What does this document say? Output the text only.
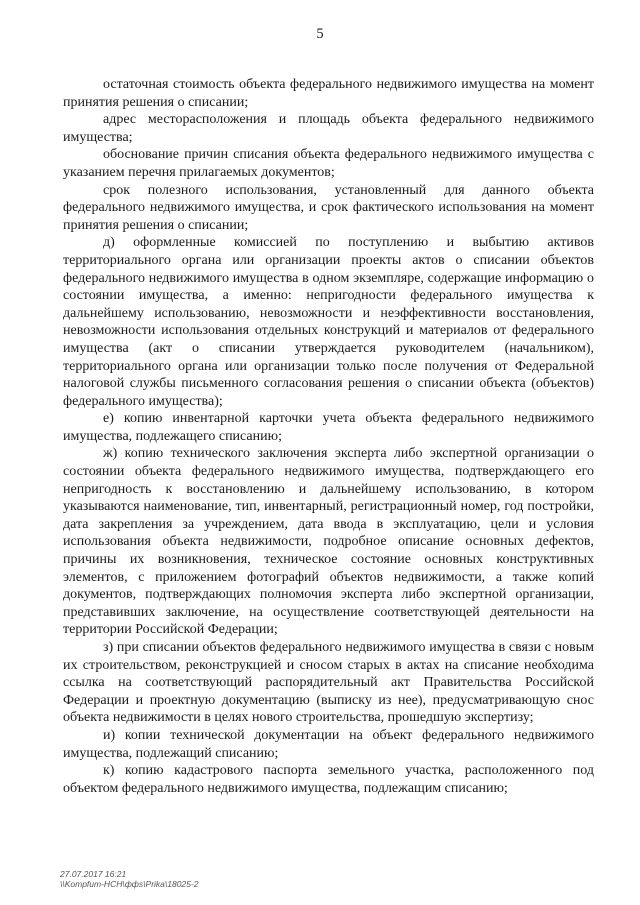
5

остаточная стоимость объекта федерального недвижимого имущества на момент принятия решения о списании;

адрес месторасположения и площадь объекта федерального недвижимого имущества;

обоснование причин списания объекта федерального недвижимого имущества с указанием перечня прилагаемых документов;

срок полезного использования, установленный для данного объекта федерального недвижимого имущества, и срок фактического использования на момент принятия решения о списании;

д) оформленные комиссией по поступлению и выбытию активов территориального органа или организации проекты актов о списании объектов федерального недвижимого имущества в одном экземпляре, содержащие информацию о состоянии имущества, а именно: непригодности федерального имущества к дальнейшему использованию, невозможности и неэффективности восстановления, невозможности использования отдельных конструкций и материалов от федерального имущества (акт о списании утверждается руководителем (начальником), территориального органа или организации только после получения от Федеральной налоговой службы письменного согласования решения о списании объекта (объектов) федерального имущества);

е) копию инвентарной карточки учета объекта федерального недвижимого имущества, подлежащего списанию;

ж) копию технического заключения эксперта либо экспертной организации о состоянии объекта федерального недвижимого имущества, подтверждающего его непригодность к восстановлению и дальнейшему использованию, в котором указываются наименование, тип, инвентарный, регистрационный номер, год постройки, дата закрепления за учреждением, дата ввода в эксплуатацию, цели и условия использования объекта недвижимости, подробное описание основных дефектов, причины их возникновения, техническое состояние основных конструктивных элементов, с приложением фотографий объектов недвижимости, а также копий документов, подтверждающих полномочия эксперта либо экспертной организации, представивших заключение, на осуществление соответствующей деятельности на территории Российской Федерации;

з) при списании объектов федерального недвижимого имущества в связи с новым их строительством, реконструкцией и сносом старых в актах на списание необходима ссылка на соответствующий распорядительный акт Правительства Российской Федерации и проектную документацию (выписку из нее), предусматривающую снос объекта недвижимости в целях нового строительства, прошедшую экспертизу;

и) копии технической документации на объект федерального недвижимого имущества, подлежащий списанию;

к) копию кадастрового паспорта земельного участка, расположенного под объектом федерального недвижимого имущества, подлежащим списанию;

27.07.2017 16:21
\\Kompfum-HCH\ффs\Prika\18025-2
